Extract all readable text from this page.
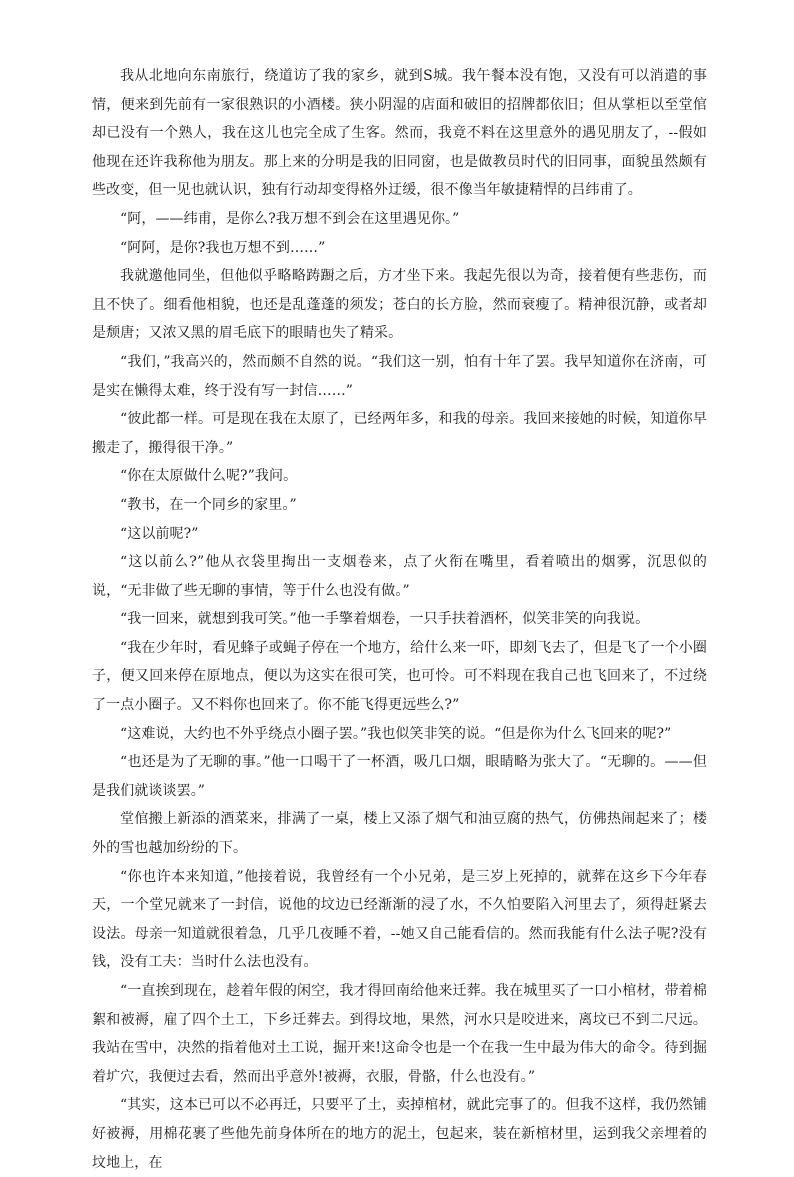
我从北地向东南旅行，绕道访了我的家乡，就到S城。我午餐本没有饱，又没有可以消遣的事情，便来到先前有一家很熟识的小酒楼。狭小阴湿的店面和破旧的招牌都依旧；但从掌柜以至堂倌却已没有一个熟人，我在这儿也完全成了生客。然而，我竟不料在这里意外的遇见朋友了，--假如他现在还许我称他为朋友。那上来的分明是我的旧同窗，也是做教员时代的旧同事，面貌虽然颇有些改变，但一见也就认识，独有行动却变得格外迂缓，很不像当年敏捷精悍的吕纬甫了。

“阿，——纬甫，是你么?我万想不到会在这里遇见你。”

“阿阿，是你?我也万想不到……”

我就邀他同坐，但他似乎略略踌蹰之后，方才坐下来。我起先很以为奇，接着便有些悲伤，而且不快了。细看他相貌，也还是乱蓬蓬的须发；苍白的长方脸，然而衰瘦了。精神很沉静，或者却是颓唐；又浓又黑的眉毛底下的眼睛也失了精采。

“我们，”我高兴的，然而颇不自然的说。“我们这一别，怕有十年了罢。我早知道你在济南，可是实在懒得太难，终于没有写一封信……”

“彼此都一样。可是现在我在太原了，已经两年多，和我的母亲。我回来接她的时候，知道你早搬走了，搬得很干净。”

“你在太原做什么呢?”我问。

“教书，在一个同乡的家里。”

“这以前呢?”

“这以前么?”他从衣袋里掏出一支烟卷来，点了火衔在嘴里，看着喷出的烟雾，沉思似的说，“无非做了些无聊的事情，等于什么也没有做。”

“我一回来，就想到我可笑。”他一手擎着烟卷，一只手扶着酒杯，似笑非笑的向我说。

“我在少年时，看见蜂子或蝇子停在一个地方，给什么来一吓，即刻飞去了，但是飞了一个小圈子，便又回来停在原地点，便以为这实在很可笑，也可怜。可不料现在我自己也飞回来了，不过绕了一点小圈子。又不料你也回来了。你不能飞得更远些么?”

“这难说，大约也不外乎绕点小圈子罢。”我也似笑非笑的说。“但是你为什么飞回来的呢?”

“也还是为了无聊的事。”他一口喝干了一杯酒，吸几口烟，眼睛略为张大了。“无聊的。——但是我们就谈谈罢。”

堂倌搬上新添的酒菜来，排满了一桌，楼上又添了烟气和油豆腐的热气，仿佛热闹起来了；楼外的雪也越加纷纷的下。

“你也许本来知道，”他接着说，我曾经有一个小兄弟，是三岁上死掉的，就葬在这乡下今年春天，一个堂兄就来了一封信，说他的坟边已经渐渐的浸了水，不久怕要陷入河里去了，须得赶紧去设法。母亲一知道就很着急，几乎几夜睡不着，--她又自己能看信的。然而我能有什么法子呢?没有钱，没有工夫：当时什么法也没有。

“一直挨到现在，趁着年假的闲空，我才得回南给他来迁葬。我在城里买了一口小棺材，带着棉絮和被褥，雇了四个土工，下乡迁葬去。到得坟地，果然，河水只是咬进来，离坟已不到二尺远。我站在雪中，决然的指着他对土工说，掘开来!这命令也是一个在我一生中最为伟大的命令。待到掘着圹穴，我便过去看，然而出乎意外!被褥，衣服，骨骼，什么也没有。”

“其实，这本已可以不必再迁，只要平了土，卖掉棺材，就此完事了的。但我不这样，我仍然铺好被褥，用棉花裹了些他先前身体所在的地方的泥土，包起来，装在新棺材里，运到我父亲埋着的坟地上，在
